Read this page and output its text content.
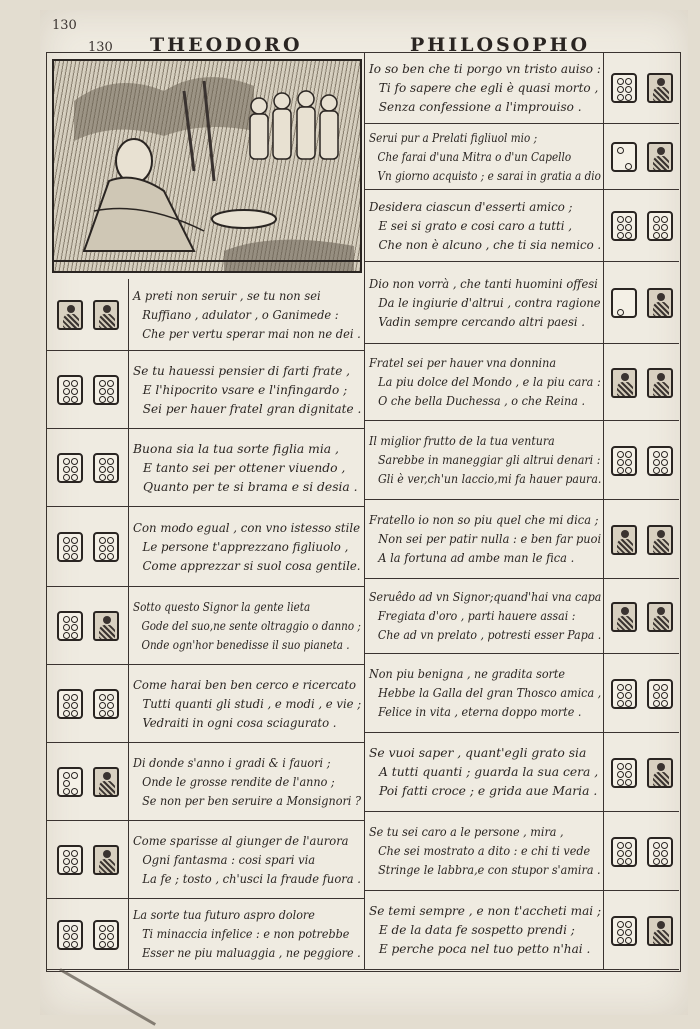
130
130 THEODORO	PHILOSOPHO
A preti non seruir , se tu non sei
Ruffiano , adulator , o Ganimede :
Che per vertu sperar mai non ne dei .
Se tu hauessi pensier di farti frate ,
E l'hipocrito vsare e l'infingardo ;
Sei per hauer fratel gran dignitate .
Buona sia la tua sorte figlia mia ,
E tanto sei per ottener viuendo ,
Quanto per te si brama e si desia .
Con modo egual , con vno istesso stile
Le persone t'apprezzano figliuolo ,
Come apprezzar si suol cosa gentile.
Sotto questo Signor la gente lieta
Gode del suo,ne sente oltraggio o danno ;
Onde ogn'hor benedisse il suo pianeta .
Come harai ben ben cerco e ricercato
Tutti quanti gli studi , e modi , e vie ;
Vedraiti in ogni cosa sciagurato .
Di donde s'anno i gradi & i fauori ;
Onde le grosse rendite de l'anno ;
Se non per ben seruire a Monsignori ?
Come sparisse al giunger de l'aurora
Ogni fantasma : cosi spari via
La fe ; tosto , ch'usci la fraude fuora .
La sorte tua futuro aspro dolore
Ti minaccia infelice : e non potrebbe
Esser ne piu maluaggia , ne peggiore .
Io so ben che ti porgo vn tristo auiso :
Ti fo sapere che egli è quasi morto ,
Senza confessione a l'improuiso .
Serui pur a Prelati figliuol mio ;
Che farai d'una Mitra o d'un Capello
Vn giorno acquisto ; e sarai in gratia a dio
Desidera ciascun d'esserti amico ;
E sei si grato e cosi caro a tutti ,
Che non è alcuno , che ti sia nemico .
Dio non vorrà , che tanti huomini offesi
Da le ingiurie d'altrui , contra ragione
Vadin sempre cercando altri paesi .
Fratel sei per hauer vna donnina
La piu dolce del Mondo , e la piu cara :
O che bella Duchessa , o che Reina .
Il miglior frutto de la tua ventura
Sarebbe in maneggiar gli altrui denari :
Gli è ver,ch'un laccio,mi fa hauer paura.
Fratello io non so piu quel che mi dica ;
Non sei per patir nulla : e ben far puoi
A la fortuna ad ambe man le fica .
Seruêdo ad vn Signor;quand'hai vna capa
Fregiata d'oro , parti hauere assai :
Che ad vn prelato , potresti esser Papa .
Non piu benigna , ne gradita sorte
Hebbe la Galla del gran Thosco amica ,
Felice in vita , eterna doppo morte .
Se vuoi saper , quant'egli grato sia
A tutti quanti ; guarda la sua cera ,
Poi fatti croce ; e grida aue Maria .
Se tu sei caro a le persone , mira ,
Che sei mostrato a dito : e chi ti vede
Stringe le labbra,e con stupor s'amira .
Se temi sempre , e non t'accheti mai ;
E de la data fe sospetto prendi ;
E perche poca nel tuo petto n'hai .
